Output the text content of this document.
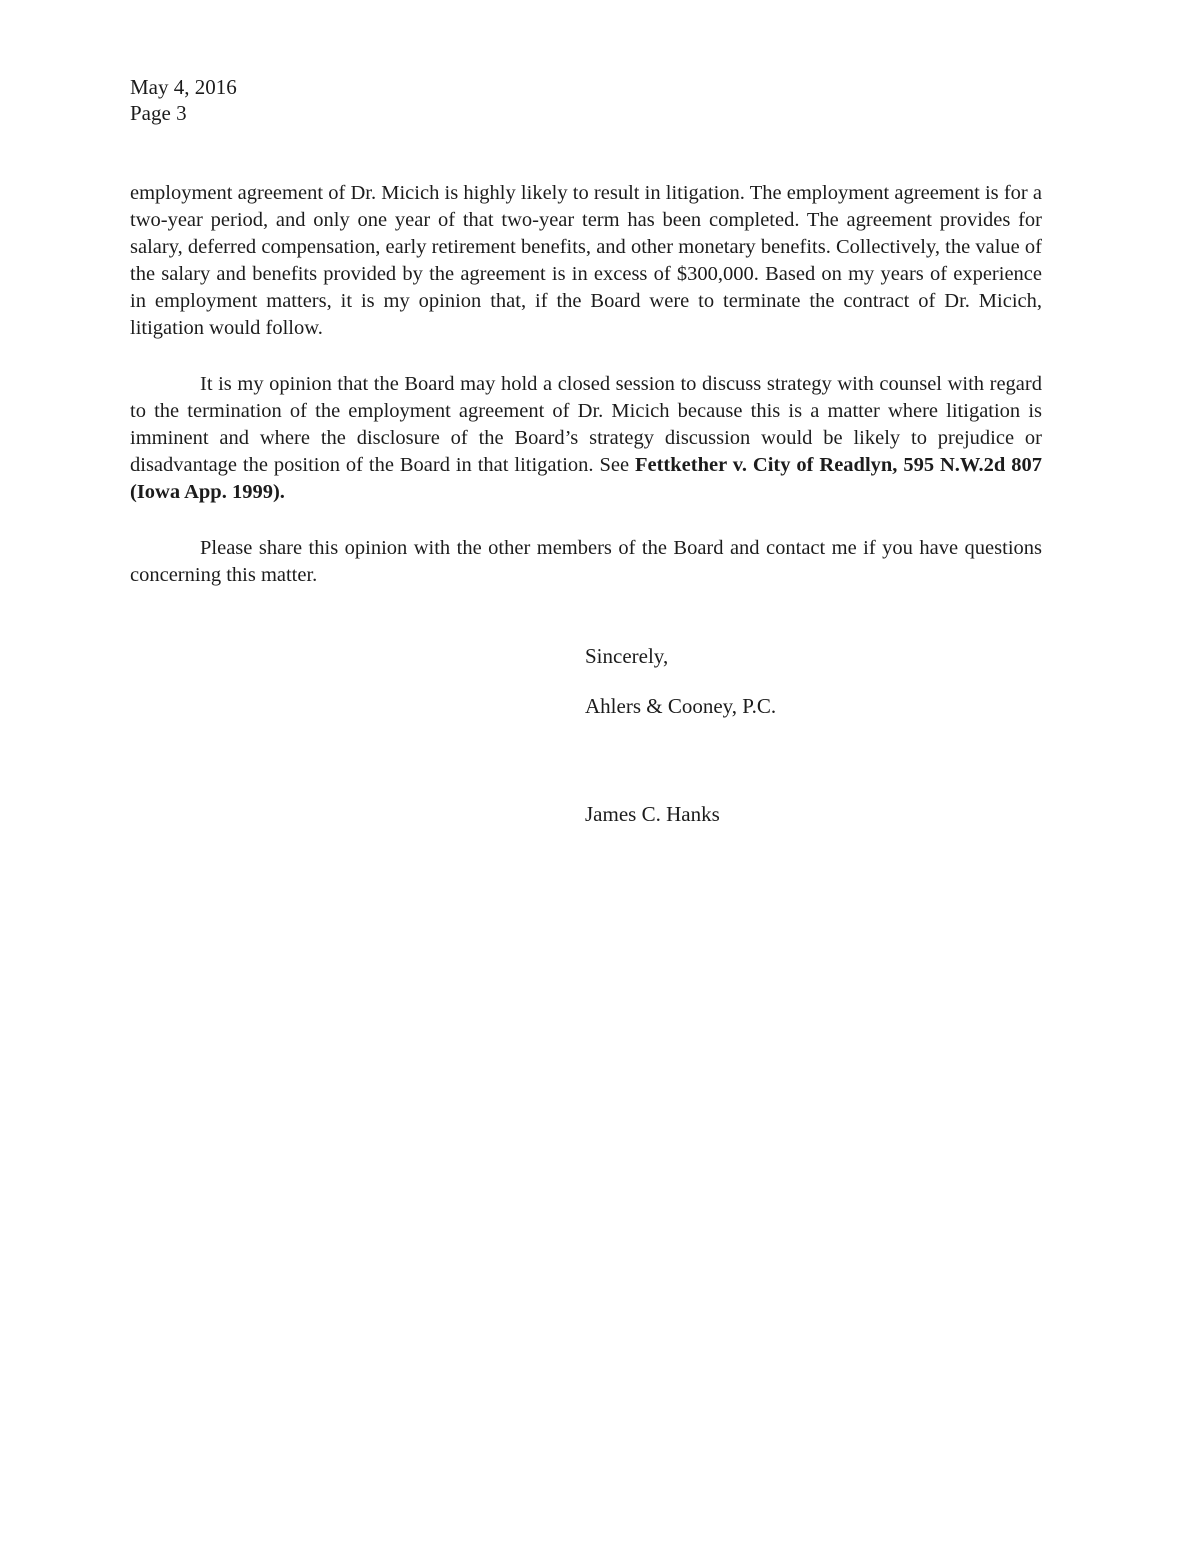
May 4, 2016
Page 3

employment agreement of Dr. Micich is highly likely to result in litigation. The employment agreement is for a two-year period, and only one year of that two-year term has been completed. The agreement provides for salary, deferred compensation, early retirement benefits, and other monetary benefits. Collectively, the value of the salary and benefits provided by the agreement is in excess of $300,000. Based on my years of experience in employment matters, it is my opinion that, if the Board were to terminate the contract of Dr. Micich, litigation would follow.

It is my opinion that the Board may hold a closed session to discuss strategy with counsel with regard to the termination of the employment agreement of Dr. Micich because this is a matter where litigation is imminent and where the disclosure of the Board’s strategy discussion would be likely to prejudice or disadvantage the position of the Board in that litigation. See Fettkether v. City of Readlyn, 595 N.W.2d 807 (Iowa App. 1999).

Please share this opinion with the other members of the Board and contact me if you have questions concerning this matter.

Sincerely,
Ahlers & Cooney, P.C.
James C. Hanks
